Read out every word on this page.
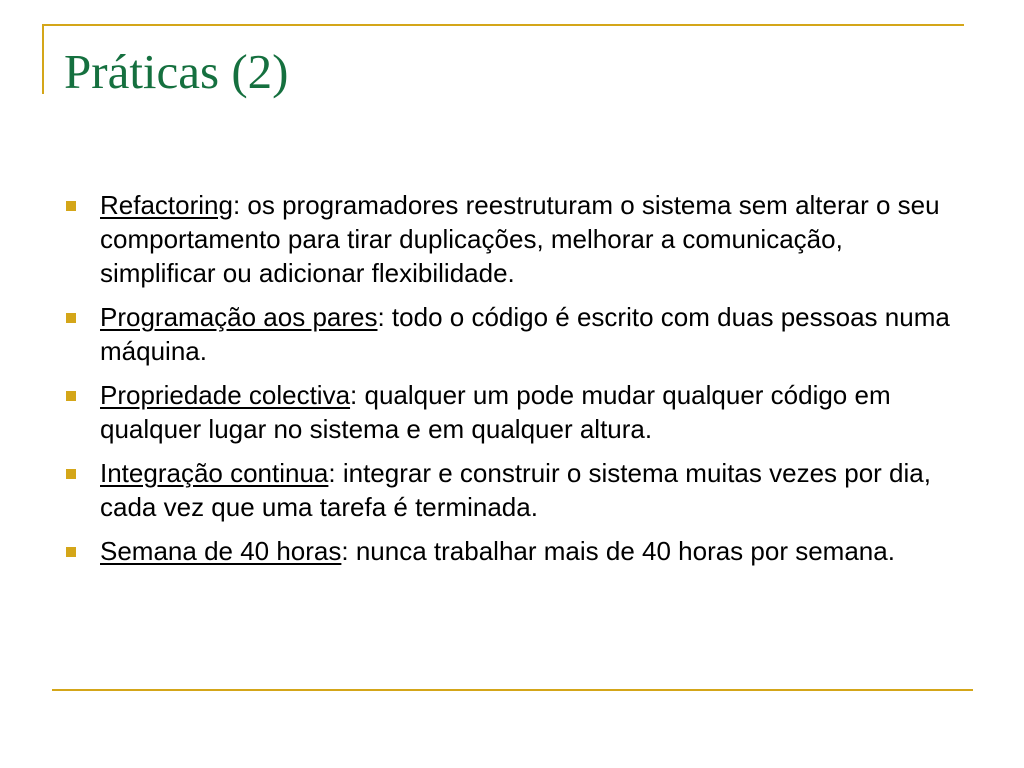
Práticas (2)
Refactoring: os programadores reestruturam o sistema sem alterar o seu comportamento para tirar duplicações, melhorar a comunicação, simplificar ou adicionar flexibilidade.
Programação aos pares: todo o código é escrito com duas pessoas numa máquina.
Propriedade colectiva: qualquer um pode mudar qualquer código em qualquer lugar no sistema e em qualquer altura.
Integração continua: integrar e construir o sistema muitas vezes por dia, cada vez que uma tarefa é terminada.
Semana de 40 horas: nunca trabalhar mais de 40 horas por semana.
